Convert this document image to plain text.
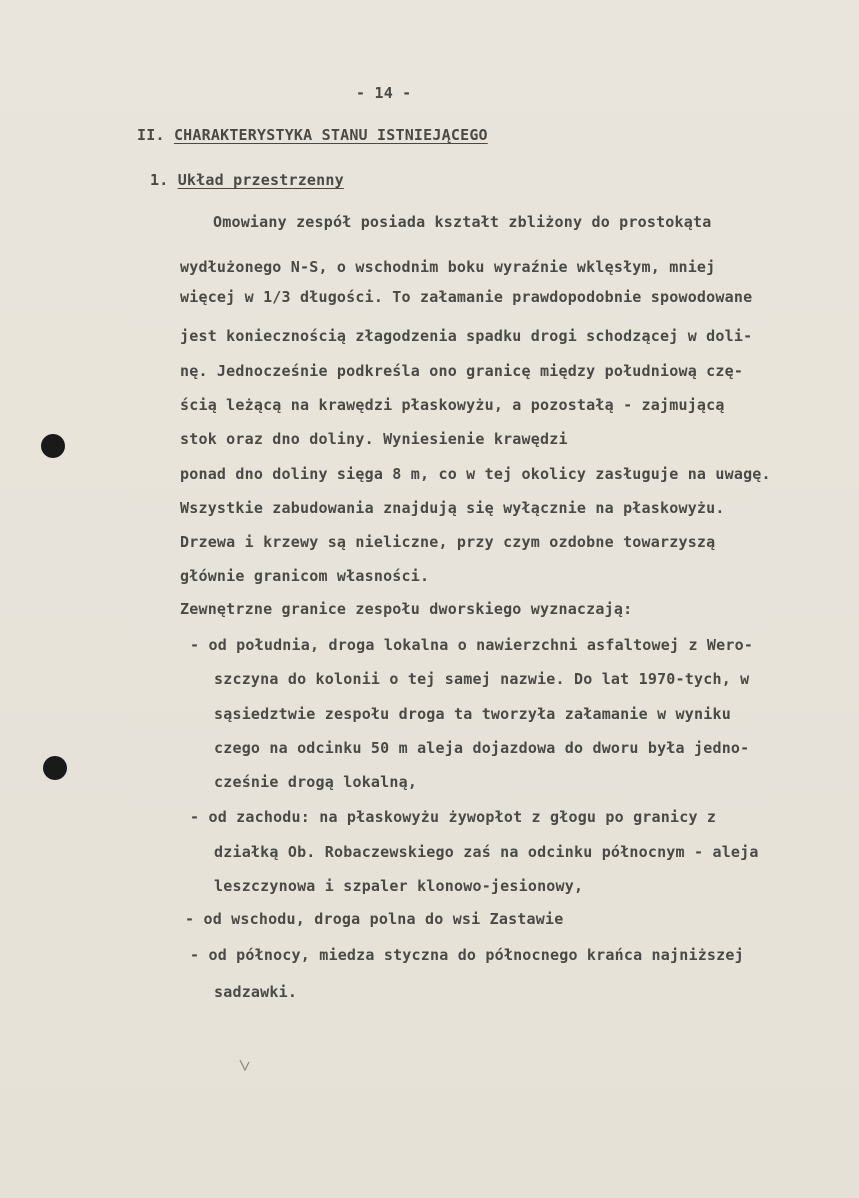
- 14 -
II. CHARAKTERYSTYKA STANU ISTNIEJĄCEGO
1. Układ przestrzenny
Omowiany zespół posiada kształt zbliżony do prostokąta
wydłużonego N-S, o wschodnim boku wyraźnie wklęsłym, mniej
więcej w 1/3 długości. To załamanie prawdopodobnie spowodowane
jest koniecznością złagodzenia spadku drogi schodzącej w doli-
nę. Jednocześnie podkreśla ono granicę między południową czę-
ścią leżącą na krawędzi płaskowyżu, a pozostałą - zajmującą
stok oraz dno doliny. Wyniesienie krawędzi
ponad dno doliny sięga 8 m, co w tej okolicy zasługuje na uwagę.
Wszystkie zabudowania znajdują się wyłącznie na płaskowyżu.
Drzewa i krzewy są nieliczne, przy czym ozdobne towarzyszą
głównie granicom własności.
Zewnętrzne granice zespołu dworskiego wyznaczają:
- od południa, droga lokalna o nawierzchni asfaltowej z Wero-
szczyna do kolonii o tej samej nazwie. Do lat 1970-tych, w
sąsiedztwie zespołu droga ta tworzyła załamanie w wyniku
czego na odcinku 50 m aleja dojazdowa do dworu była jedno-
cześnie drogą lokalną,
- od zachodu: na płaskowyżu żywopłot z głogu po granicy z
działką Ob. Robaczewskiego zaś na odcinku północnym - aleja
leszczynowa i szpaler klonowo-jesionowy,
- od wschodu, droga polna do wsi Zastawie
- od północy, miedza styczna do północnego krańca najniższej
sadzawki.
